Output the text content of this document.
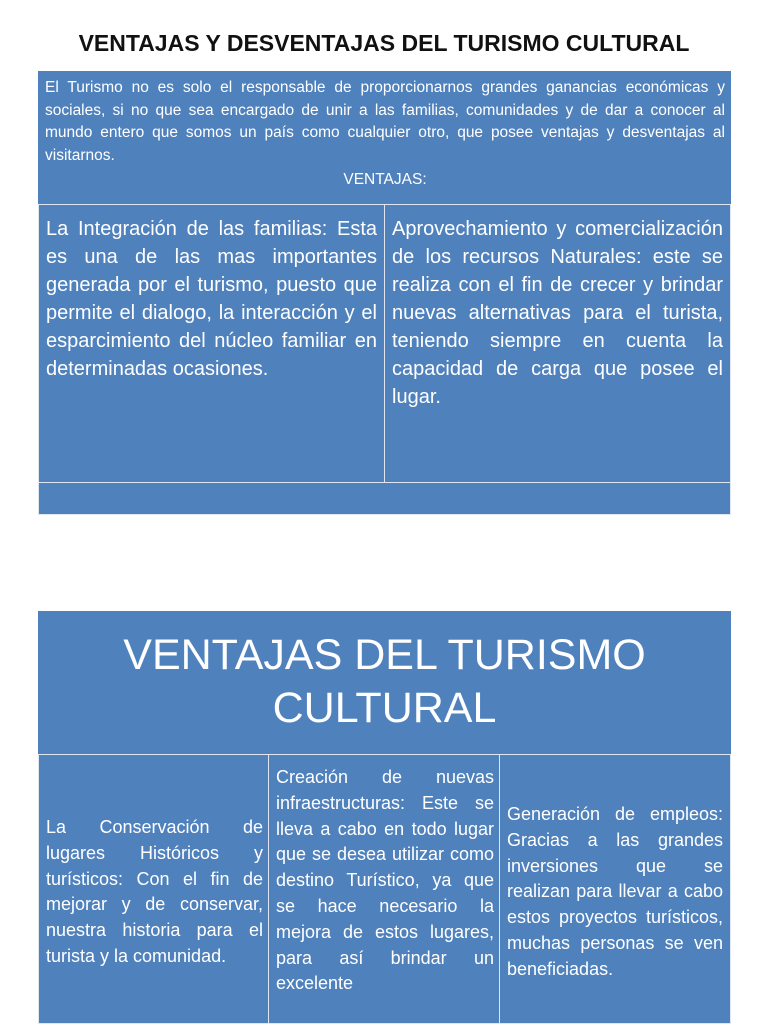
VENTAJAS Y DESVENTAJAS DEL TURISMO CULTURAL
El Turismo no es solo el responsable de proporcionarnos grandes ganancias económicas y sociales, si no que sea encargado de unir a las familias, comunidades y de dar a conocer al mundo entero que somos un país como cualquier otro, que posee ventajas y desventajas al visitarnos.
VENTAJAS:
La Integración de las familias: Esta es una de las mas importantes generada por el turismo, puesto que permite el dialogo, la interacción y el esparcimiento del núcleo familiar en determinadas ocasiones.
Aprovechamiento y comercialización de los recursos Naturales: este se realiza con el fin de crecer y brindar nuevas alternativas para el turista, teniendo siempre en cuenta la capacidad de carga que posee el lugar.
VENTAJAS DEL TURISMO CULTURAL
La Conservación de lugares Históricos y turísticos: Con el fin de mejorar y de conservar, nuestra historia para el turista y la comunidad.
Creación de nuevas infraestructuras: Este se lleva a cabo en todo lugar que se desea utilizar como destino Turístico, ya que se hace necesario la mejora de estos lugares, para así brindar un excelente
Generación de empleos: Gracias a las grandes inversiones que se realizan para llevar a cabo estos proyectos turísticos, muchas personas se ven beneficiadas.
